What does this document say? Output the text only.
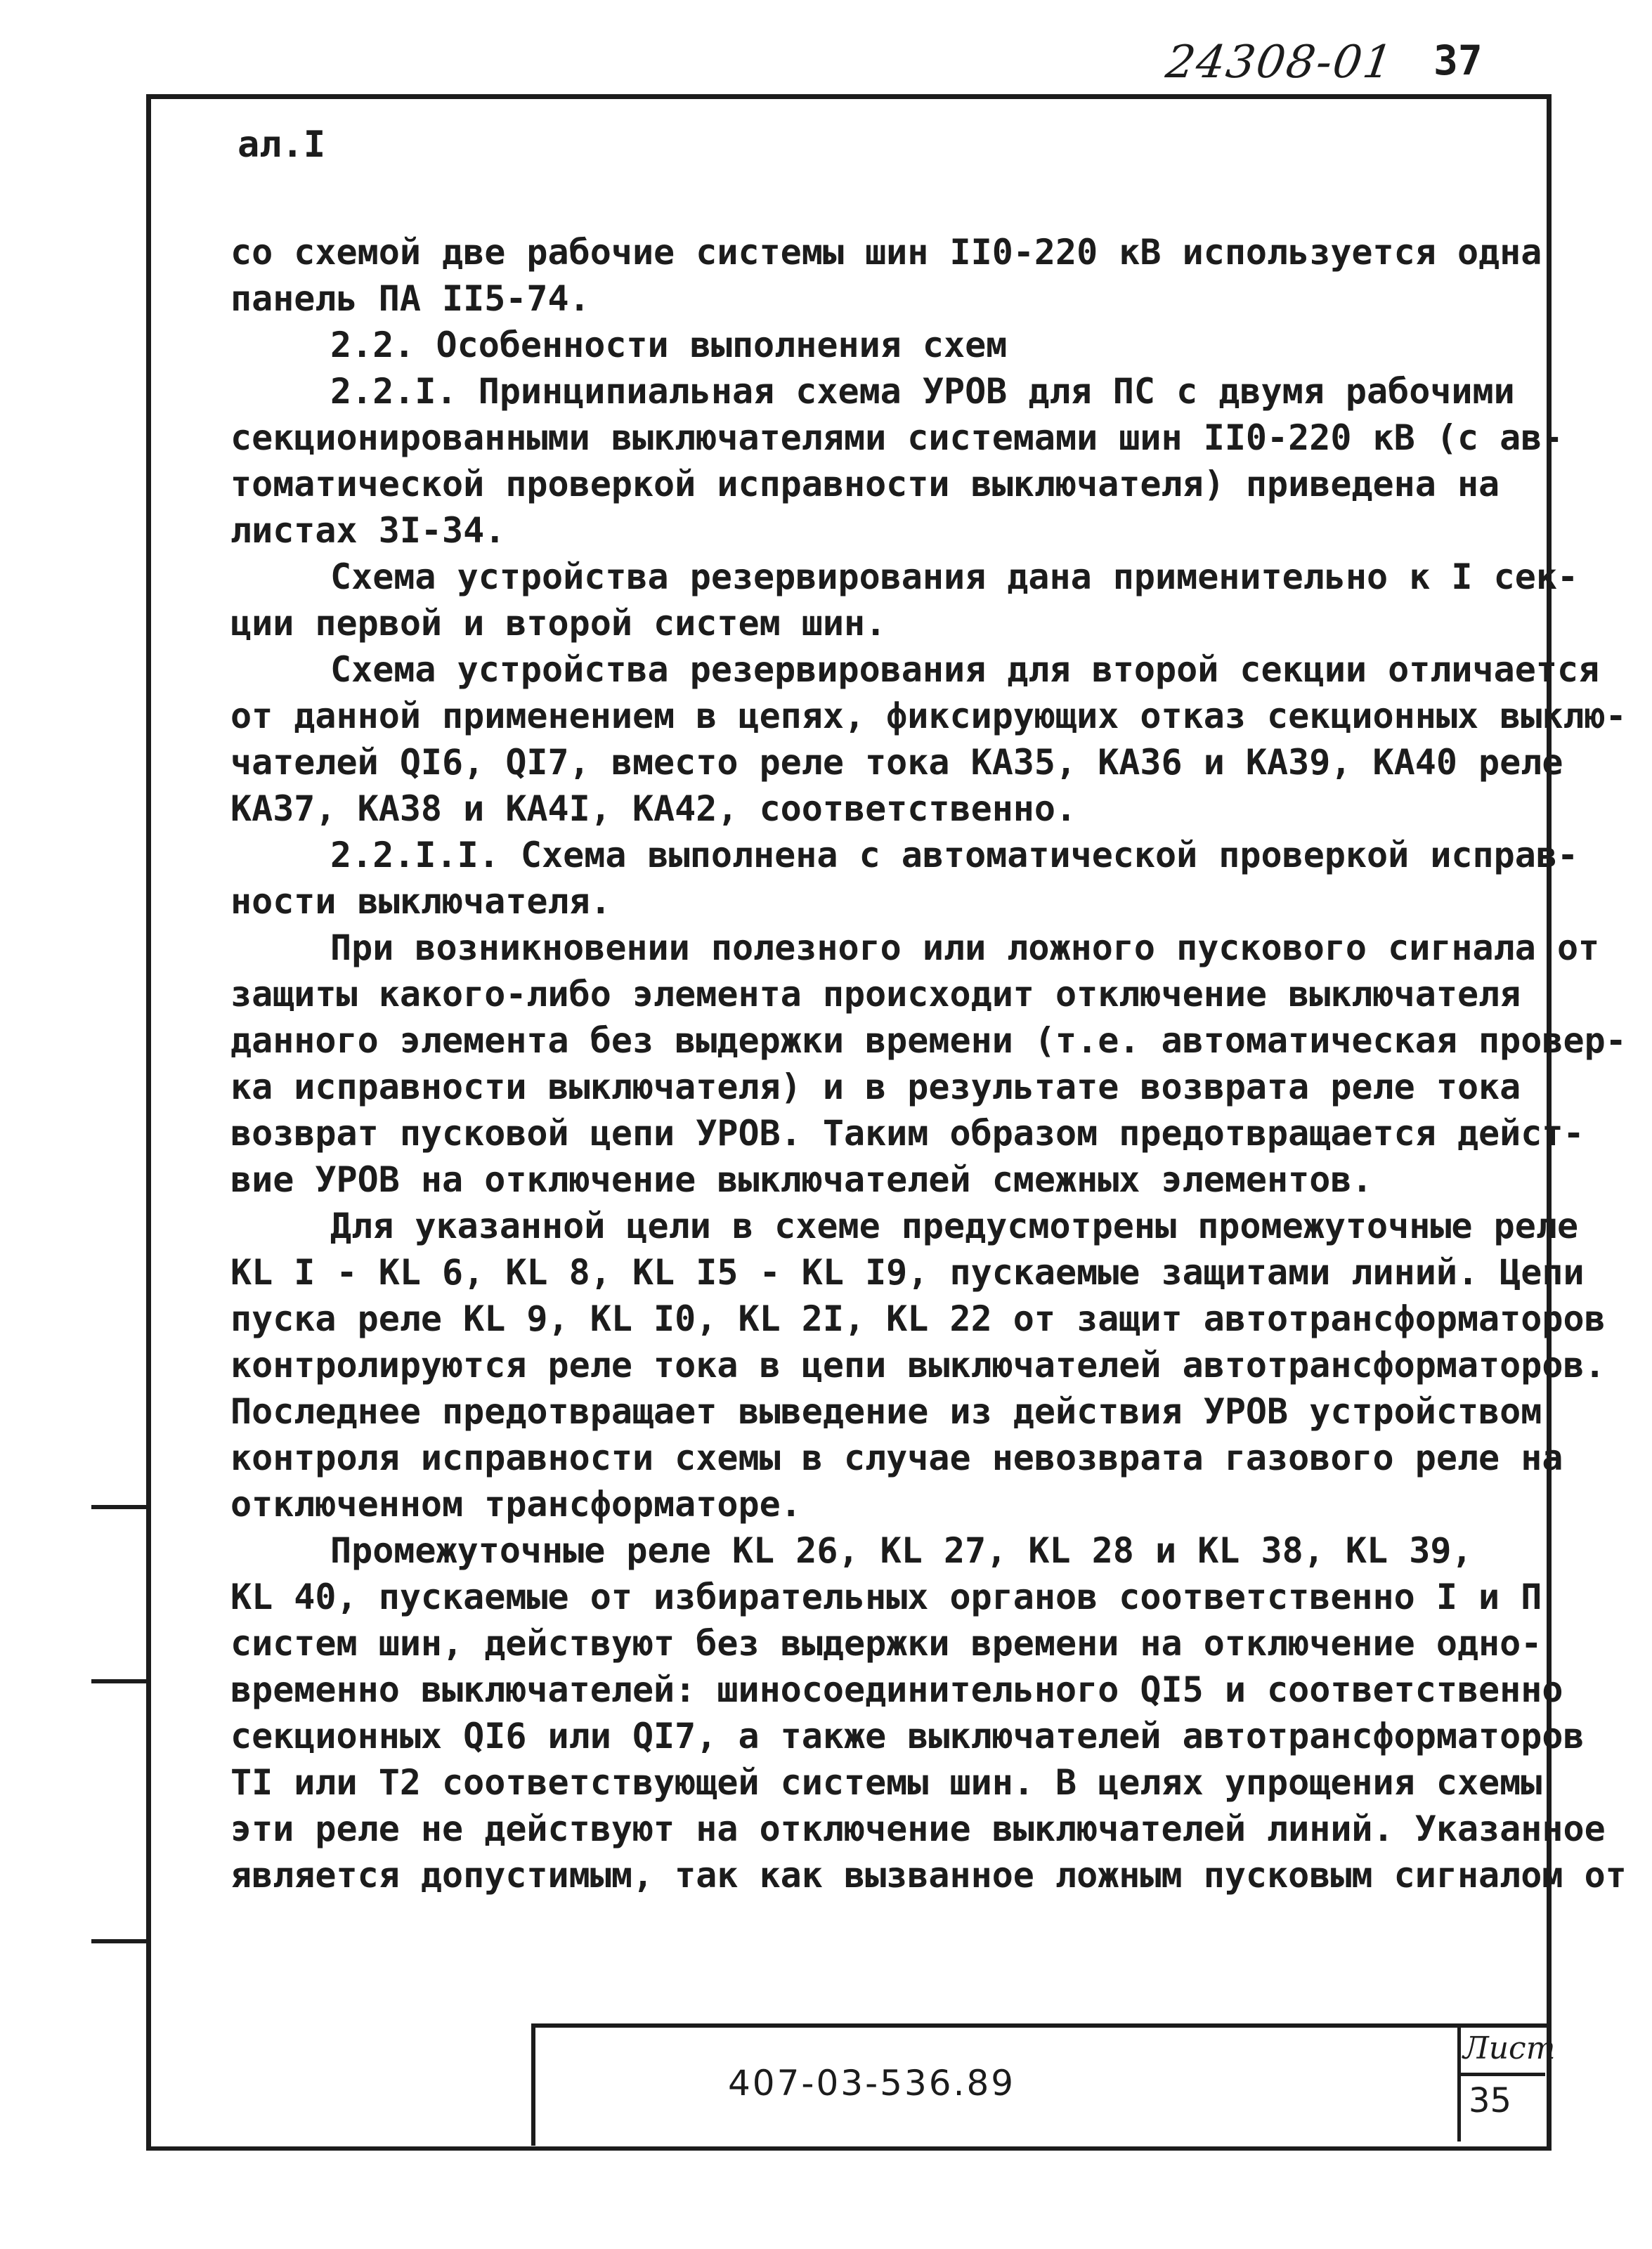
24308-01 37
ал.I

со схемой две рабочие системы шин II0-220 кВ используется одна

панель ПА II5-74.

2.2. Особенности выполнения схем

2.2.I. Принципиальная схема УРОВ для ПС с двумя рабочими

секционированными выключателями системами шин II0-220 кВ (с ав-

томатической проверкой исправности выключателя) приведена на

листах 3I-34.

Схема устройства резервирования дана применительно к I сек-

ции первой и второй систем шин.

Схема устройства резервирования для второй секции отличается

от данной применением в цепях, фиксирующих отказ секционных выклю-

чателей QI6, QI7, вместо реле тока КА35, КА36 и КА39, КА40 реле

КА37, КА38 и КА4I, КА42, соответственно.

2.2.I.I. Схема выполнена с автоматической проверкой исправ-

ности выключателя.

При возникновении полезного или ложного пускового сигнала от

защиты какого-либо элемента происходит отключение выключателя

данного элемента без выдержки времени (т.е. автоматическая провер-

ка исправности выключателя) и в результате возврата реле тока

возврат пусковой цепи УРОВ. Таким образом предотвращается дейст-

вие УРОВ на отключение выключателей смежных элементов.

Для указанной цели в схеме предусмотрены промежуточные реле

KL I - KL 6, KL 8, KL I5 - KL I9, пускаемые защитами линий. Цепи

пуска реле KL 9, KL I0, KL 2I, KL 22 от защит автотрансформаторов

контролируются реле тока в цепи выключателей автотрансформаторов.

Последнее предотвращает выведение из действия УРОВ устройством

контроля исправности схемы в случае невозврата газового реле на

отключенном трансформаторе.

Промежуточные реле KL 26, KL 27, KL 28 и KL 38, KL 39,

KL 40, пускаемые от избирательных органов соответственно I и П

систем шин, действуют без выдержки времени на отключение одно-

временно выключателей: шиносоединительного QI5 и соответственно

секционных QI6 или QI7, а также выключателей автотрансформаторов

TI или T2 соответствующей системы шин. В целях упрощения схемы

эти реле не действуют на отключение выключателей линий. Указанное

является допустимым, так как вызванное ложным пусковым сигналом от

407-03-536.89
Лист
35
